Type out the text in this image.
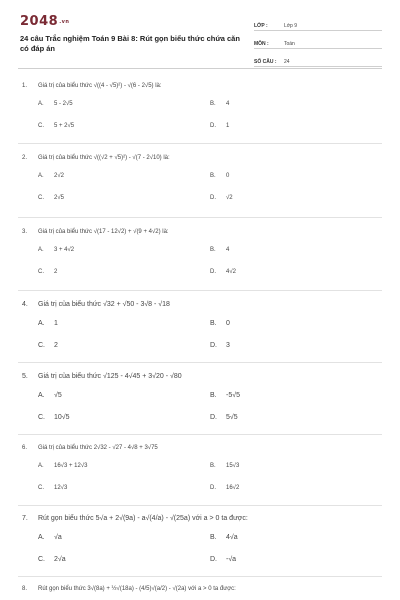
2048.vn
24 câu Trắc nghiệm Toán 9 Bài 8: Rút gọn biểu thức chứa căn có đáp án
LỚP :	Lớp 9
MÔN :	Toán
SỐ CÂU :	24
1. Giá trị của biểu thức √((4 - √5)²) - √(6 - 2√5) là:
A. 5 - 2√5	B. 4
C. 5 + 2√5	D. 1
2. Giá trị của biểu thức √((√2 + √5)²) - √(7 - 2√10) là:
A. 2√2	B. 0
C. 2√5	D. √2
3. Giá trị của biểu thức √(17 - 12√2) + √(9 + 4√2) là:
A. 3 + 4√2	B. 4
C. 2	D. 4√2
4. Giá trị của biểu thức √32 + √50 - 3√8 - √18
A. 1	B. 0
C. 2	D. 3
5. Giá trị của biểu thức √125 - 4√45 + 3√20 - √80
A. √5	B. -5√5
C. 10√5	D. 5√5
6. Giá trị của biểu thức 2√32 - √27 - 4√8 + 3√75
A. 16√3 + 12√3	B. 15√3
C. 12√3	D. 16√2
7. Rút gọn biểu thức 5√a + 2√(9a) - a√(4/a) - √(25a) với a > 0 ta được:
A. √a	B. 4√a
C. 2√a	D. -√a
8. Rút gọn biểu thức 3√(8a) + ½√(18a) - (4/5)√(a/2) - √(2a) với a > 0 ta được:
